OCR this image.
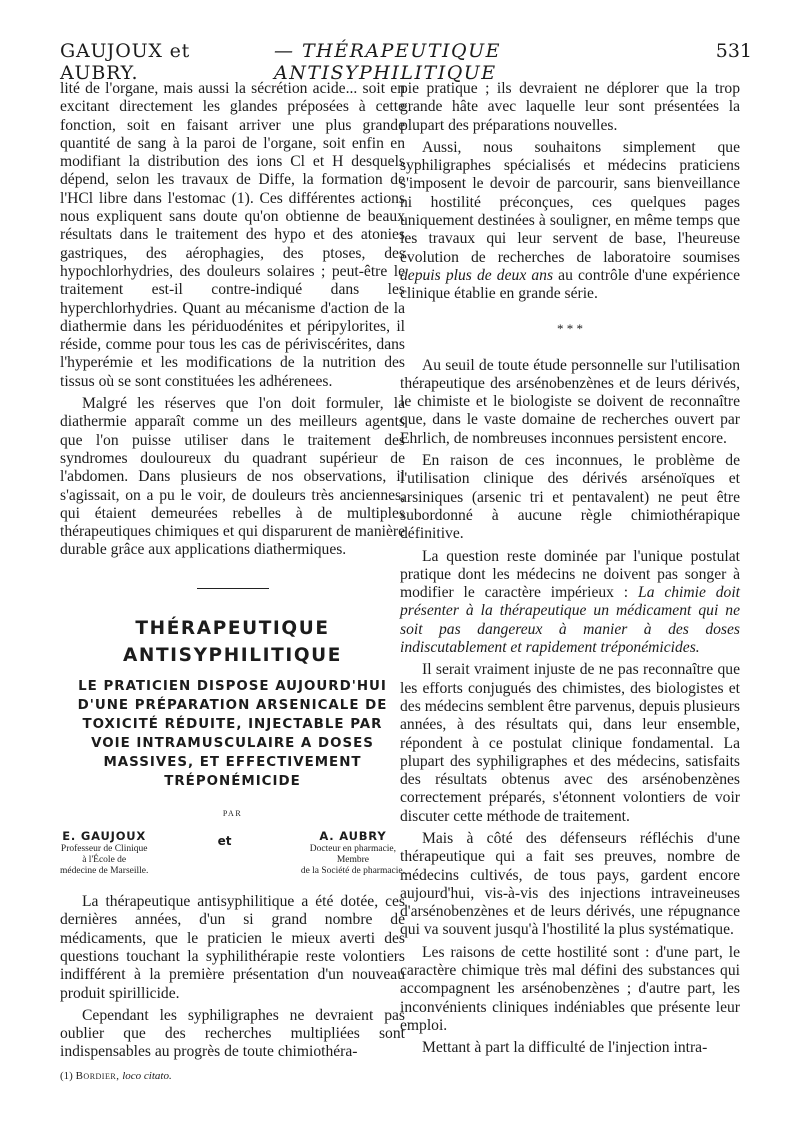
GAUJOUX et AUBRY.
— THÉRAPEUTIQUE ANTISYPHILITIQUE
531

lité de l'organe, mais aussi la sécrétion acide... soit en excitant directement les glandes préposées à cette fonction, soit en faisant arriver une plus grande quantité de sang à la paroi de l'organe, soit enfin en modifiant la distribution des ions Cl et H desquels dépend, selon les travaux de Diffe, la formation de l'HCl libre dans l'estomac (1). Ces différentes actions nous expliquent sans doute qu'on obtienne de beaux résultats dans le traitement des hypo et des atonies gastriques, des aérophagies, des ptoses, des hypochlorhydries, des douleurs solaires ; peut-être le traitement est-il contre-indiqué dans les hyperchlorhydries. Quant au mécanisme d'action de la diathermie dans les périduodénites et péripylorites, il réside, comme pour tous les cas de périviscérites, dans l'hyperémie et les modifications de la nutrition des tissus où se sont constituées les adhérenees.

Malgré les réserves que l'on doit formuler, la diathermie apparaît comme un des meilleurs agents que l'on puisse utiliser dans le traitement des syndromes douloureux du quadrant supérieur de l'abdomen. Dans plusieurs de nos observations, il s'agissait, on a pu le voir, de douleurs très anciennes, qui étaient demeurées rebelles à de multiples thérapeutiques chimiques et qui disparurent de manière durable grâce aux applications diathermiques.

THÉRAPEUTIQUE
ANTISYPHILITIQUE
LE PRATICIEN DISPOSE AUJOURD'HUI D'UNE PRÉPARATION ARSENICALE DE TOXICITÉ RÉDUITE, INJECTABLE PAR VOIE INTRAMUSCULAIRE A DOSES MASSIVES, ET EFFECTIVEMENT TRÉPONÉMICIDE
PAR
E. GAUJOUX
Professeur de Clinique
à l'École de
médecine de Marseille.
et	A. AUBRY
Docteur en pharmacie,
Membre
de la Société de pharmacie.

La thérapeutique antisyphilitique a été dotée, ces dernières années, d'un si grand nombre de médicaments, que le praticien le mieux averti des questions touchant la syphilithérapie reste volontiers indifférent à la première présentation d'un nouveau produit spirillicide.

Cependant les syphiligraphes ne devraient pas oublier que des recherches multipliées sont indispensables au progrès de toute chimiothéra-

(1) Bordier, loco citato.

pie pratique ; ils devraient ne déplorer que la trop grande hâte avec laquelle leur sont présentées la plupart des préparations nouvelles.

Aussi, nous souhaitons simplement que syphiligraphes spécialisés et médecins praticiens s'imposent le devoir de parcourir, sans bienveillance ni hostilité préconçues, ces quelques pages uniquement destinées à souligner, en même temps que les travaux qui leur servent de base, l'heureuse évolution de recherches de laboratoire soumises depuis plus de deux ans au contrôle d'une expérience clinique établie en grande série.

* * *

Au seuil de toute étude personnelle sur l'utilisation thérapeutique des arsénobenzènes et de leurs dérivés, le chimiste et le biologiste se doivent de reconnaître que, dans le vaste domaine de recherches ouvert par Ehrlich, de nombreuses inconnues persistent encore.

En raison de ces inconnues, le problème de l'utilisation clinique des dérivés arsénoïques et arsiniques (arsenic tri et pentavalent) ne peut être subordonné à aucune règle chimiothérapique définitive.

La question reste dominée par l'unique postulat pratique dont les médecins ne doivent pas songer à modifier le caractère impérieux : La chimie doit présenter à la thérapeutique un médicament qui ne soit pas dangereux à manier à des doses indiscutablement et rapidement tréponémicides.

Il serait vraiment injuste de ne pas reconnaître que les efforts conjugués des chimistes, des biologistes et des médecins semblent être parvenus, depuis plusieurs années, à des résultats qui, dans leur ensemble, répondent à ce postulat clinique fondamental. La plupart des syphiligraphes et des médecins, satisfaits des résultats obtenus avec des arsénobenzènes correctement préparés, s'étonnent volontiers de voir discuter cette méthode de traitement.

Mais à côté des défenseurs réfléchis d'une thérapeutique qui a fait ses preuves, nombre de médecins cultivés, de tous pays, gardent encore aujourd'hui, vis-à-vis des injections intraveineuses d'arsénobenzènes et de leurs dérivés, une répugnance qui va souvent jusqu'à l'hostilité la plus systématique.

Les raisons de cette hostilité sont : d'une part, le caractère chimique très mal défini des substances qui accompagnent les arsénobenzènes ; d'autre part, les inconvénients cliniques indéniables que présente leur emploi.

Mettant à part la difficulté de l'injection intra-
